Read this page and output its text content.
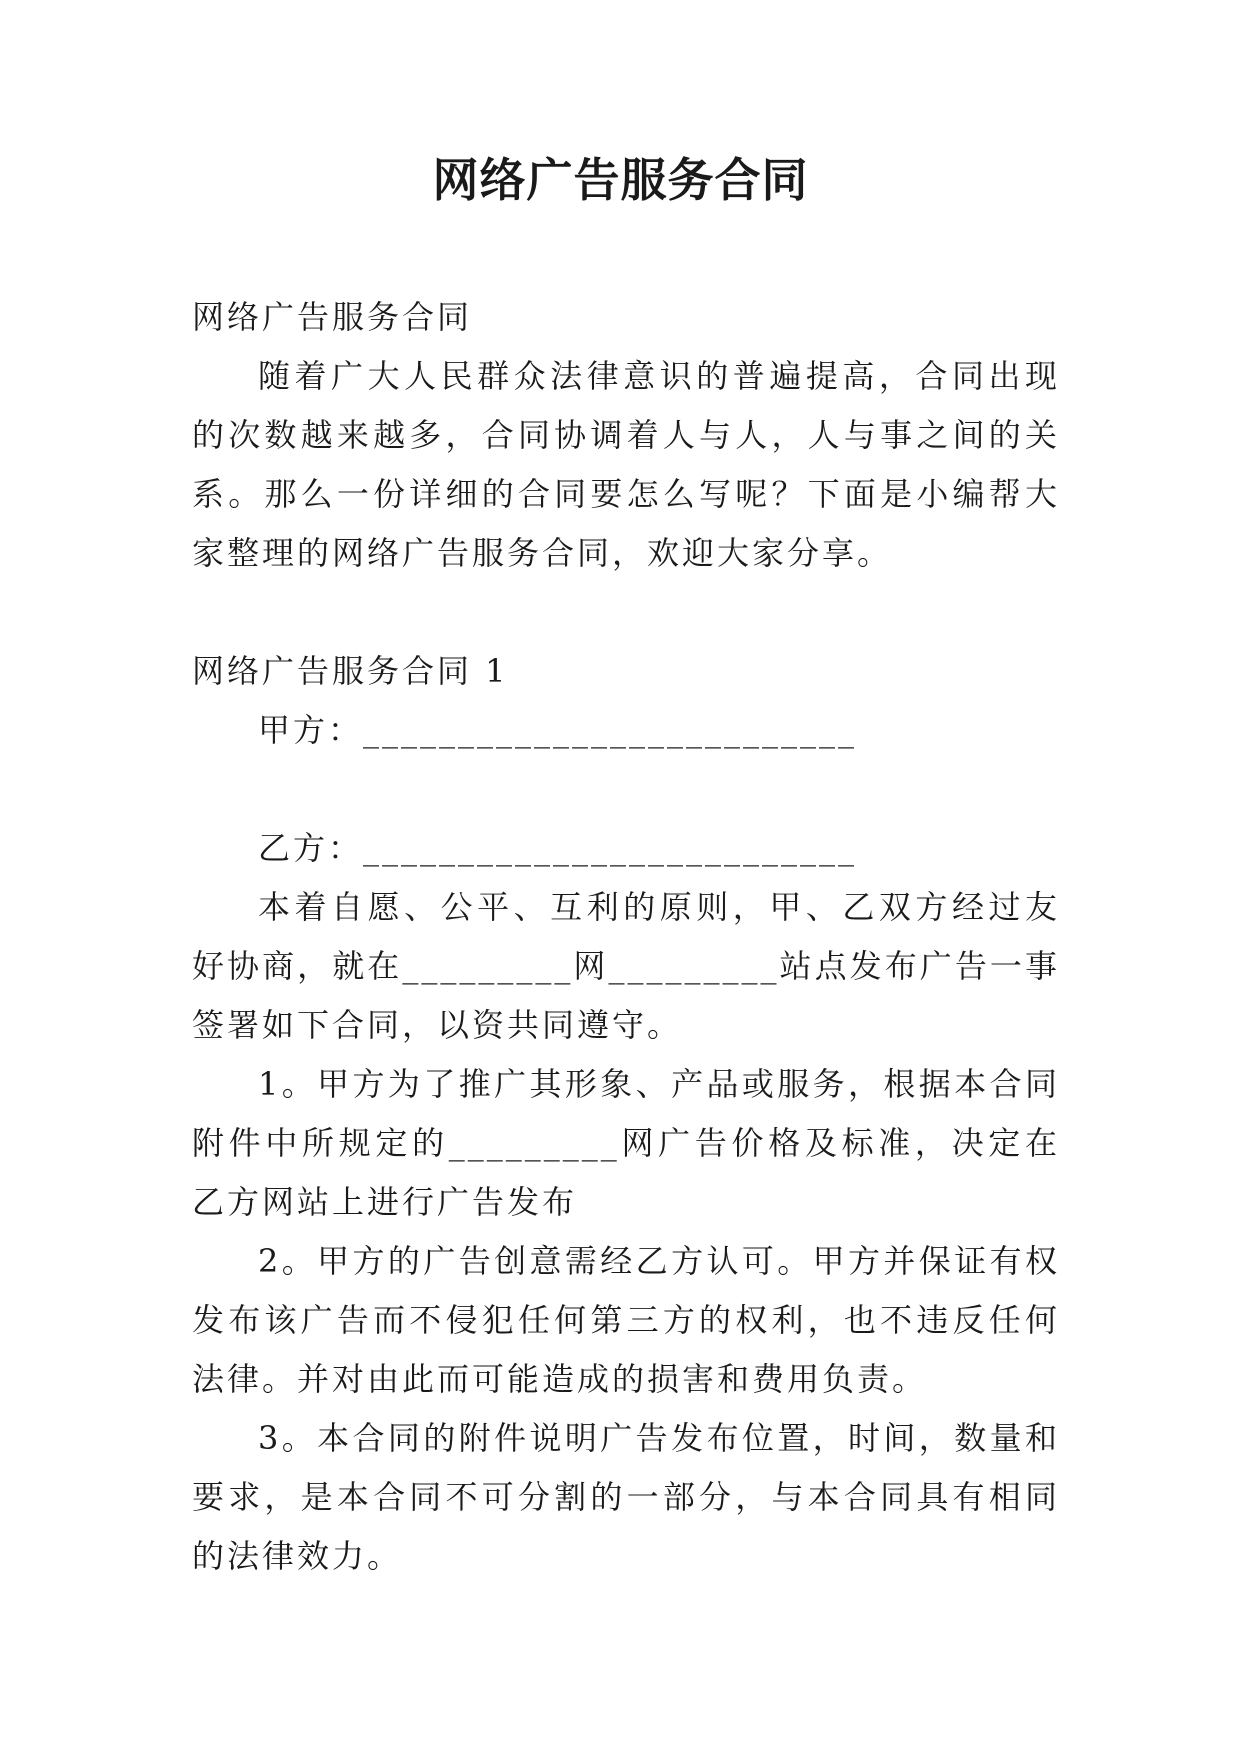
网络广告服务合同

网络广告服务合同

随着广大人民群众法律意识的普遍提高，合同出现的次数越来越多，合同协调着人与人，人与事之间的关系。那么一份详细的合同要怎么写呢？下面是小编帮大家整理的网络广告服务合同，欢迎大家分享。

网络广告服务合同 1

甲方：__________________________

乙方：__________________________

本着自愿、公平、互利的原则，甲、乙双方经过友好协商，就在_________网_________站点发布广告一事签署如下合同，以资共同遵守。

1。甲方为了推广其形象、产品或服务，根据本合同附件中所规定的_________网广告价格及标准，决定在乙方网站上进行广告发布

2。甲方的广告创意需经乙方认可。甲方并保证有权发布该广告而不侵犯任何第三方的权利，也不违反任何法律。并对由此而可能造成的损害和费用负责。

3。本合同的附件说明广告发布位置，时间，数量和要求，是本合同不可分割的一部分，与本合同具有相同的法律效力。
